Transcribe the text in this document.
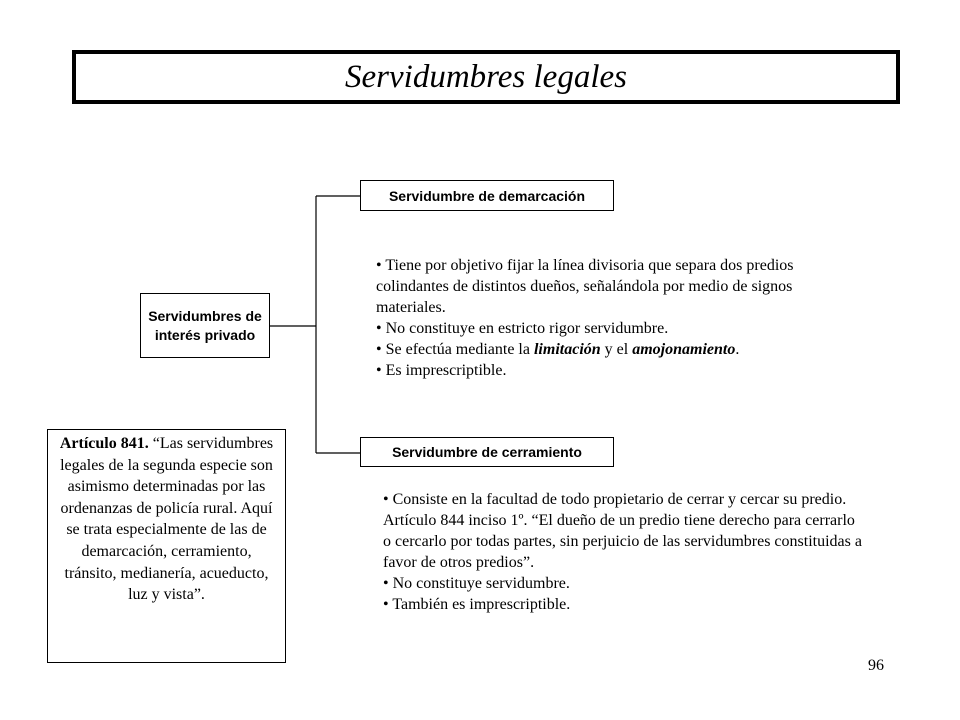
Servidumbres legales
Servidumbres de interés privado
Servidumbre de demarcación
Servidumbre de cerramiento

• Tiene por objetivo fijar la línea divisoria que separa dos predios colindantes de distintos dueños, señalándola por medio de signos materiales.

• No constituye en estricto rigor servidumbre.

• Se efectúa mediante la limitación y el amojonamiento.

• Es imprescriptible.

• Consiste en la facultad de todo propietario de cerrar y cercar su predio. Artículo 844 inciso 1º. “El dueño de un predio tiene derecho para cerrarlo o cercarlo por todas partes, sin perjuicio de las servidumbres constituidas a favor de otros predios”.

• No constituye servidumbre.

• También es imprescriptible.

Artículo 841. “Las servidumbres legales de la segunda especie son asimismo determinadas por las ordenanzas de policía rural. Aquí se trata especialmente de las de demarcación, cerramiento, tránsito, medianería, acueducto, luz y vista”.
96
